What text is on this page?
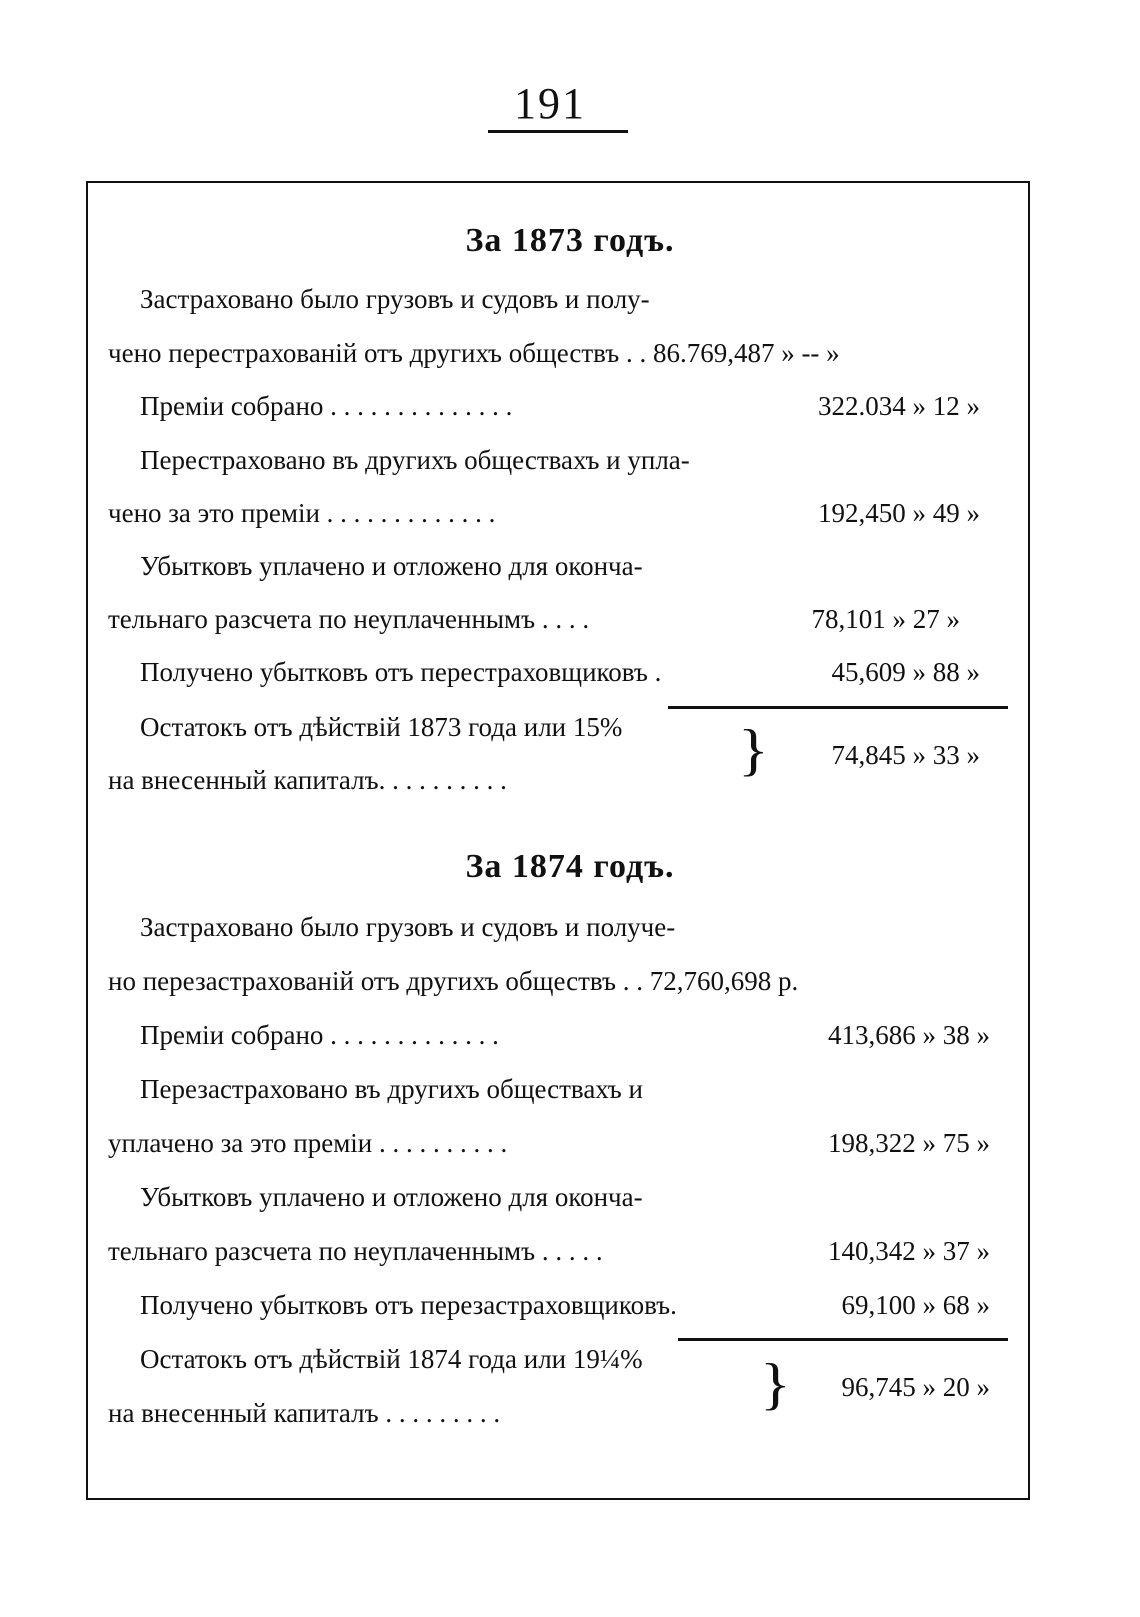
191
За 1873 годъ.
Застраховано было грузовъ и судовъ и полу-
чено перестрахованій отъ другихъ обществъ . . 86.769,487 » -- »
Премiи собрано . . . . . . . . . . . . . .	322.034 » 12 »
Перестраховано въ другихъ обществахъ и упла-
чено за это премiи . . . . . . . . . . . . .	192,450 » 49 »
Убытковъ уплачено и отложено для оконча-
тельнаго разсчета по неуплаченнымъ . . . .	78,101 » 27 »
Получено убытковъ отъ перестраховщиковъ .	45,609 » 88 »
Остатокъ отъ дѣйствiй 1873 года или 15%
на внесенный капиталъ. . . . . . . . . .	} 74,845 » 33 »
За 1874 годъ.
Застраховано было грузовъ и судовъ и получе-
но перезастрахованій отъ другихъ обществъ . . 72,760,698 р.
Премiи собрано . . . . . . . . . . . . .	413,686 » 38 »
Перезастраховано въ другихъ обществахъ и
уплачено за это премiи . . . . . . . . . .	198,322 » 75 »
Убытковъ уплачено и отложено для оконча-
тельнаго разсчета по неуплаченнымъ . . . . .	140,342 » 37 »
Получено убытковъ отъ перезастраховщиковъ.	69,100 » 68 »
Остатокъ отъ дѣйствiй 1874 года или 19¼%
на внесенный капиталъ . . . . . . . . .	} 96,745 » 20 »
